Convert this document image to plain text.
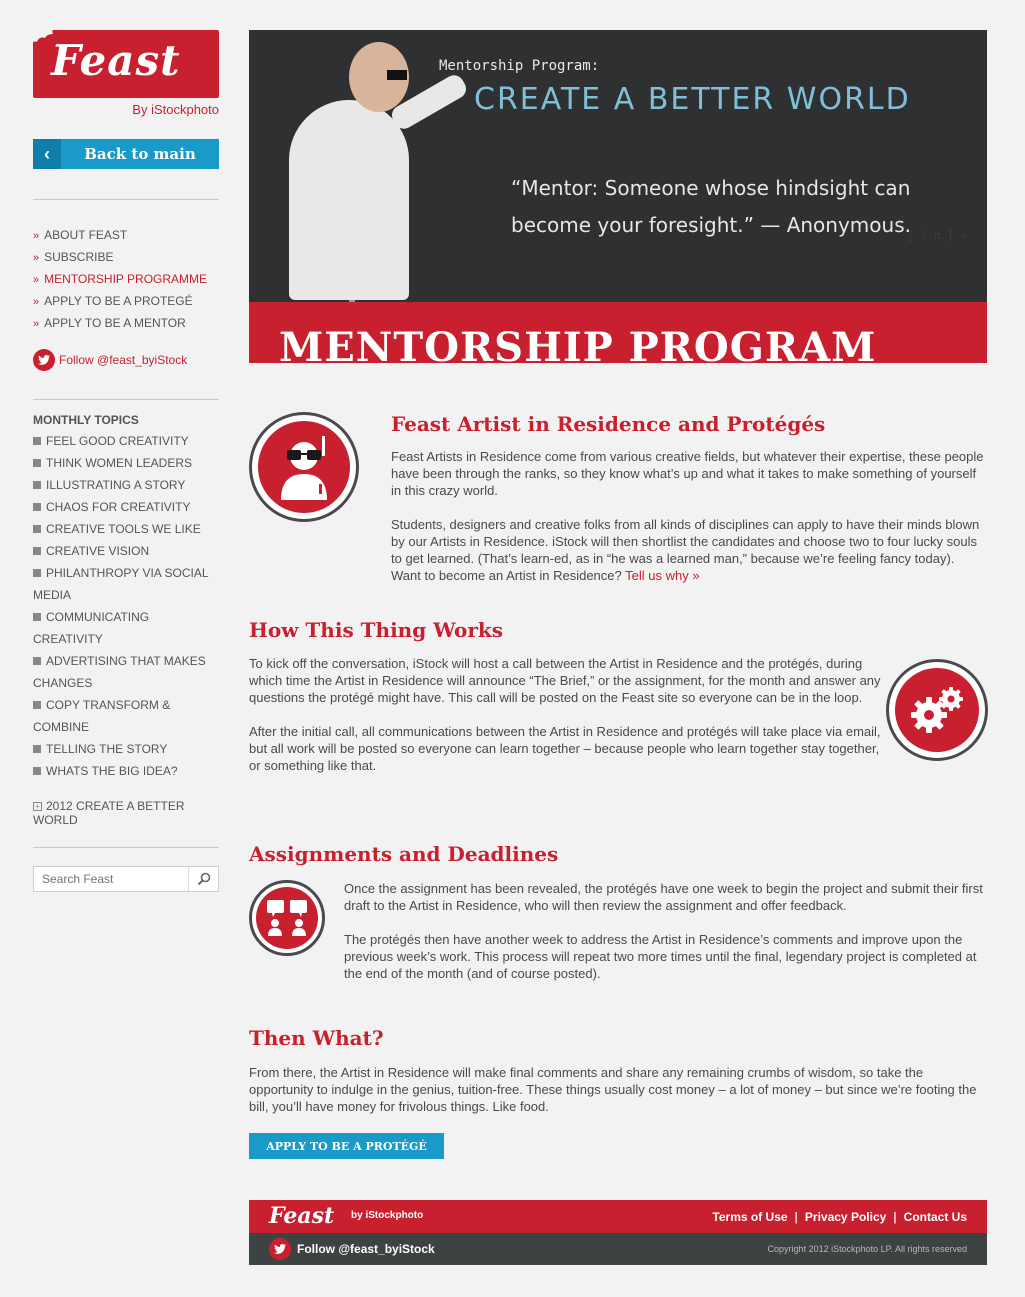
Feast
By iStockphoto
‹	Back to main
» ABOUT FEAST
» SUBSCRIBE
» MENTORSHIP PROGRAMME
» APPLY TO BE A PROTEGÉ
» APPLY TO BE A MENTOR
Follow @feast_byiStock
MONTHLY TOPICS
FEEL GOOD CREATIVITY
THINK WOMEN LEADERS
ILLUSTRATING A STORY
CHAOS FOR CREATIVITY
CREATIVE TOOLS WE LIKE
CREATIVE VISION
PHILANTHROPY VIA SOCIAL MEDIA
COMMUNICATING CREATIVITY
ADVERTISING THAT MAKES CHANGES
COPY TRANSFORM & COMBINE
TELLING THE STORY
WHATS THE BIG IDEA?
+ 2012 CREATE A BETTER WORLD
Search Feast
∑ √ π ∫ ≈
Mentorship Program:
CREATE A BETTER WORLD
“Mentor: Someone whose hindsight can become your foresight.” — Anonymous.
MENTORSHIP PROGRAM
Feast Artist in Residence and Protégés

Feast Artists in Residence come from various creative fields, but whatever their expertise, these people have been through the ranks, so they know what’s up and what it takes to make something of yourself in this crazy world.

Students, designers and creative folks from all kinds of disciplines can apply to have their minds blown by our Artists in Residence. iStock will then shortlist the candidates and choose two to four lucky souls to get learned. (That’s learn-ed, as in “he was a learned man,” because we’re feeling fancy today). Want to become an Artist in Residence? Tell us why »

How This Thing Works

To kick off the conversation, iStock will host a call between the Artist in Residence and the protégés, during which time the Artist in Residence will announce “The Brief,” or the assignment, for the month and answer any questions the protégé might have. This call will be posted on the Feast site so everyone can be in the loop.

After the initial call, all communications between the Artist in Residence and protégés will take place via email, but all work will be posted so everyone can learn together – because people who learn together stay together, or something like that.

Assignments and Deadlines

Once the assignment has been revealed, the protégés have one week to begin the project and submit their first draft to the Artist in Residence, who will then review the assignment and offer feedback.

The protégés then have another week to address the Artist in Residence’s comments and improve upon the previous week’s work. This process will repeat two more times until the final, legendary project is completed at the end of the month (and of course posted).

Then What?

From there, the Artist in Residence will make final comments and share any remaining crumbs of wisdom, so take the opportunity to indulge in the genius, tuition-free. These things usually cost money – a lot of money – but since we’re footing the bill, you’ll have money for frivolous things. Like food.

APPLY TO BE A PROTÉGÉ
Feast by iStockphoto	Terms of Use | Privacy Policy | Contact Us
Follow @feast_byiStock	Copyright 2012 iStockphoto LP. All rights reserved
